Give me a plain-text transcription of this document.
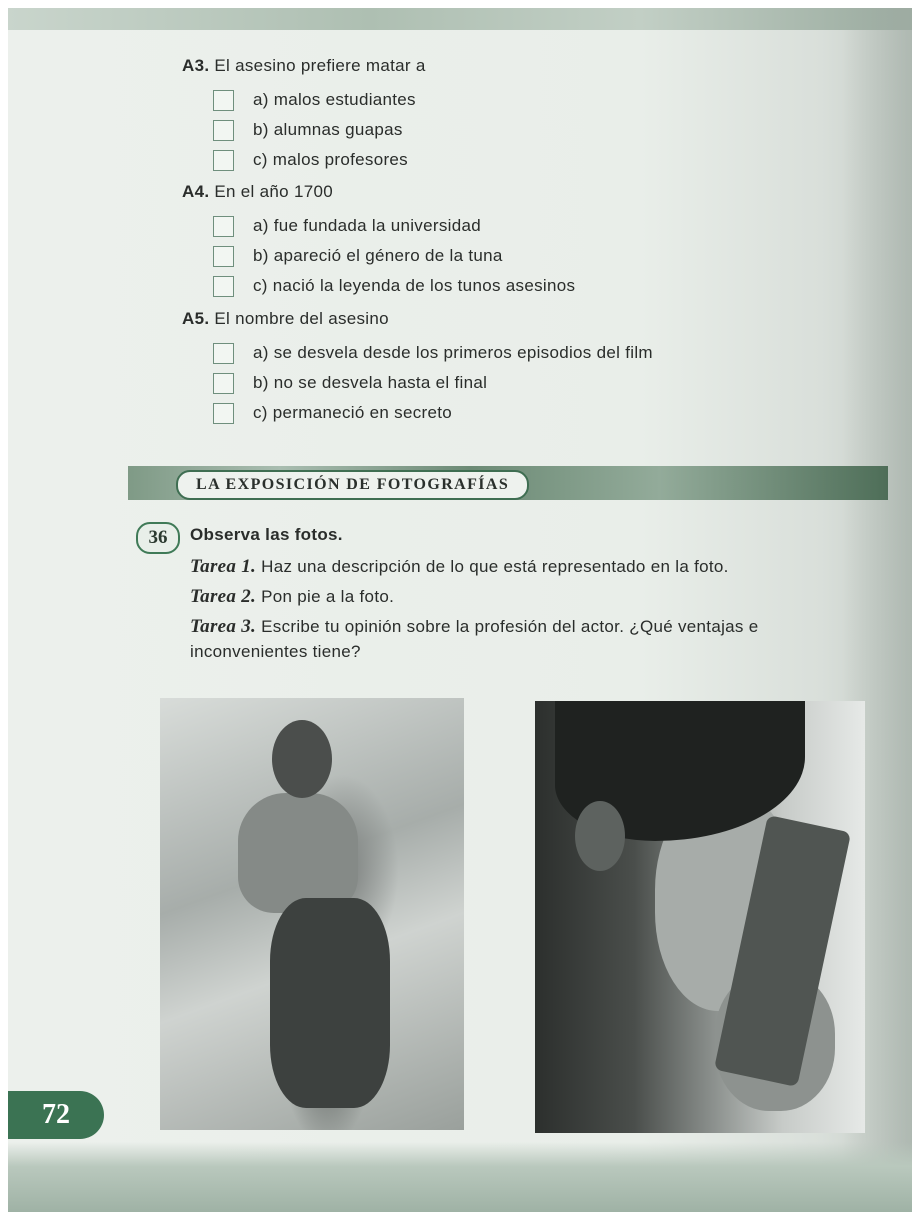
A3. El asesino prefiere matar a
a) malos estudiantes
b) alumnas guapas
c) malos profesores
A4. En el año 1700
a) fue fundada la universidad
b) apareció el género de la tuna
c) nació la leyenda de los tunos asesinos
A5. El nombre del asesino
a) se desvela desde los primeros episodios del film
b) no se desvela hasta el final
c) permaneció en secreto
LA EXPOSICIÓN DE FOTOGRAFÍAS
36	Observa las fotos.
Tarea 1. Haz una descripción de lo que está representado en la foto.
Tarea 2. Pon pie a la foto.
Tarea 3. Escribe tu opinión sobre la profesión del actor. ¿Qué ventajas e
inconvenientes tiene?
72
